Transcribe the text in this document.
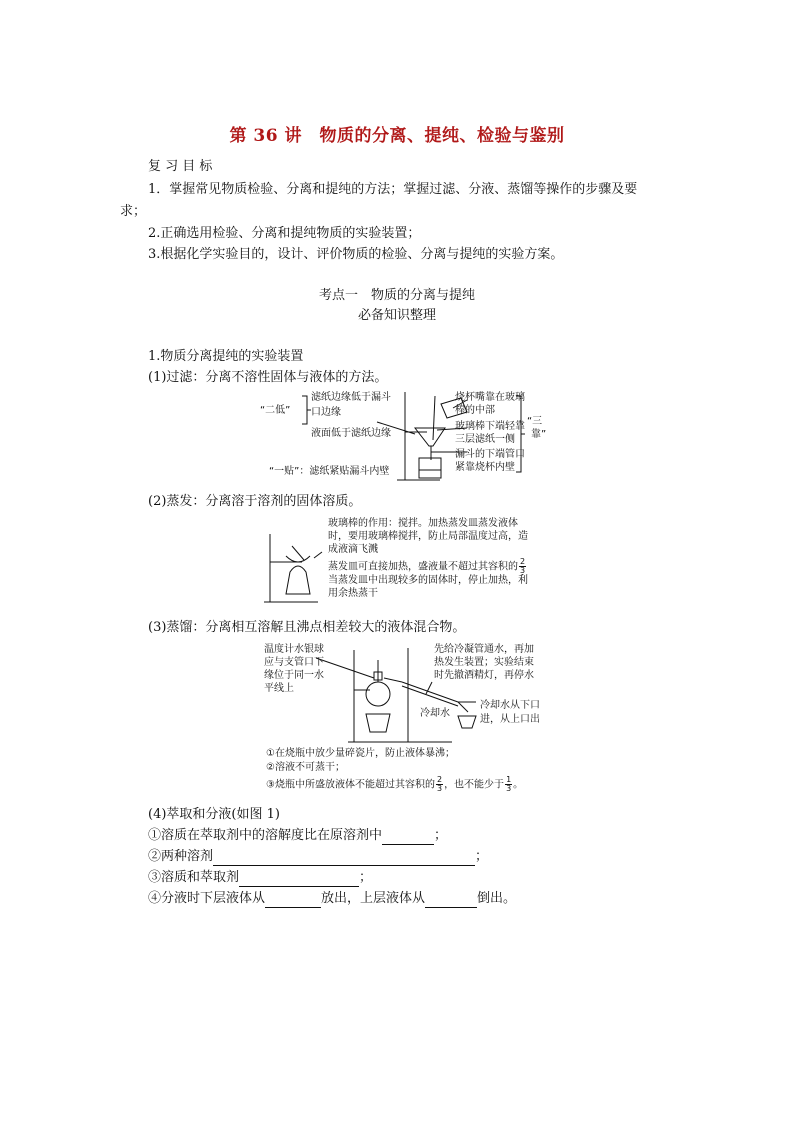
第 36 讲　物质的分离、提纯、检验与鉴别
复 习 目 标
1．掌握常见物质检验、分离和提纯的方法；掌握过滤、分液、蒸馏等操作的步骤及要
求；
2.正确选用检验、分离和提纯物质的实验装置；
3.根据化学实验目的，设计、评价物质的检验、分离与提纯的实验方案。
考点一　物质的分离与提纯
必备知识整理
1.物质分离提纯的实验装置
(1)过滤：分离不溶性固体与液体的方法。
“二低”
滤纸边缘低于漏斗
口边缘
液面低于滤纸边缘
“一贴”：滤纸紧贴漏斗内壁
烧杯嘴靠在玻璃
棒的中部
玻璃棒下端轻靠
三层滤纸一侧
漏斗的下端管口
紧靠烧杯内壁
“三
靠”
(2)蒸发：分离溶于溶剂的固体溶质。
玻璃棒的作用：搅拌。加热蒸发皿蒸发液体
时，要用玻璃棒搅拌，防止局部温度过高，造
成液滴飞溅
蒸发皿可直接加热，盛液量不超过其容积的 $\frac{2}{3}$
当蒸发皿中出现较多的固体时，停止加热，利
用余热蒸干
(3)蒸馏：分离相互溶解且沸点相差较大的液体混合物。
温度计水银球
应与支管口下
缘位于同一水
平线上
先给冷凝管通水，再加
热发生装置；实验结束
时先撤酒精灯，再停水
冷却水
冷却水从下口
进，从上口出
①在烧瓶中放少量碎瓷片，防止液体暴沸；
②溶液不可蒸干；
③烧瓶中所盛放液体不能超过其容积的 $\frac{2}{3}$ ，也不能少于 $\frac{1}{3}$ 。
(4)萃取和分液(如图 1)
①溶质在萃取剂中的溶解度比在原溶剂中	；
②两种溶剂	；
③溶质和萃取剂	；
④分液时下层液体从	放出，上层液体从	倒出。
